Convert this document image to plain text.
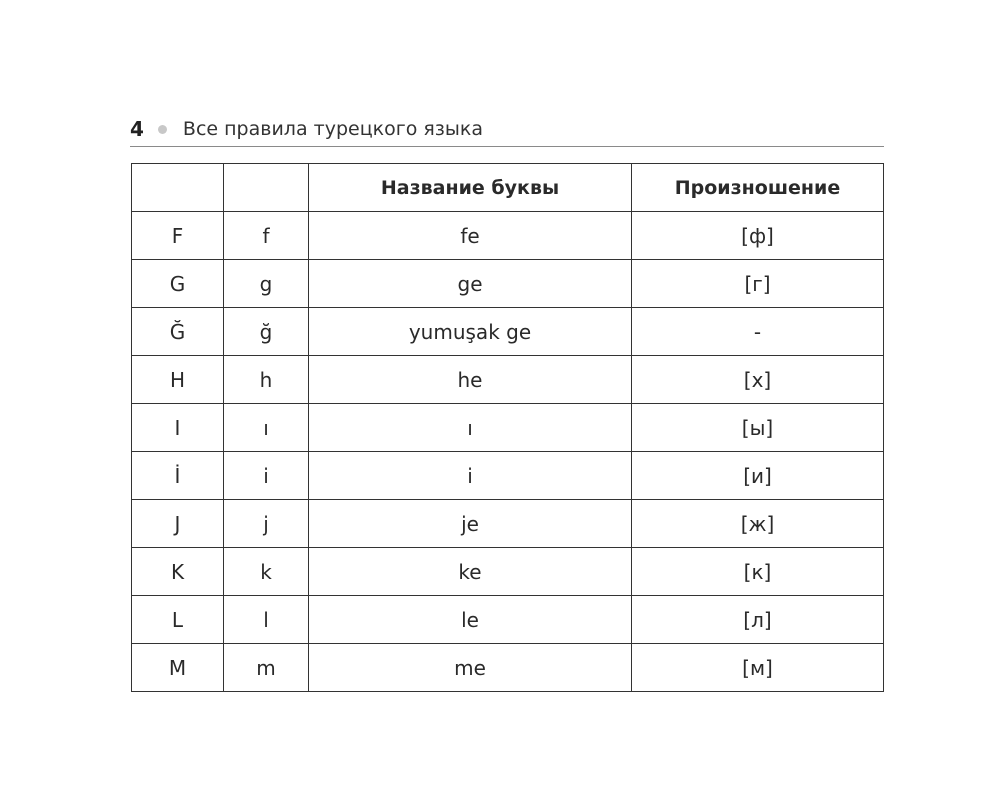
4 Все правила турецкого языка
		Название буквы	Произношение
F	f	fe	[ф]
G	g	ge	[г]
Ğ	ğ	yumuşak ge	-
H	h	he	[х]
I	ı	ı	[ы]
İ	i	i	[и]
J	j	je	[ж]
K	k	ke	[к]
L	l	le	[л]
M	m	me	[м]
